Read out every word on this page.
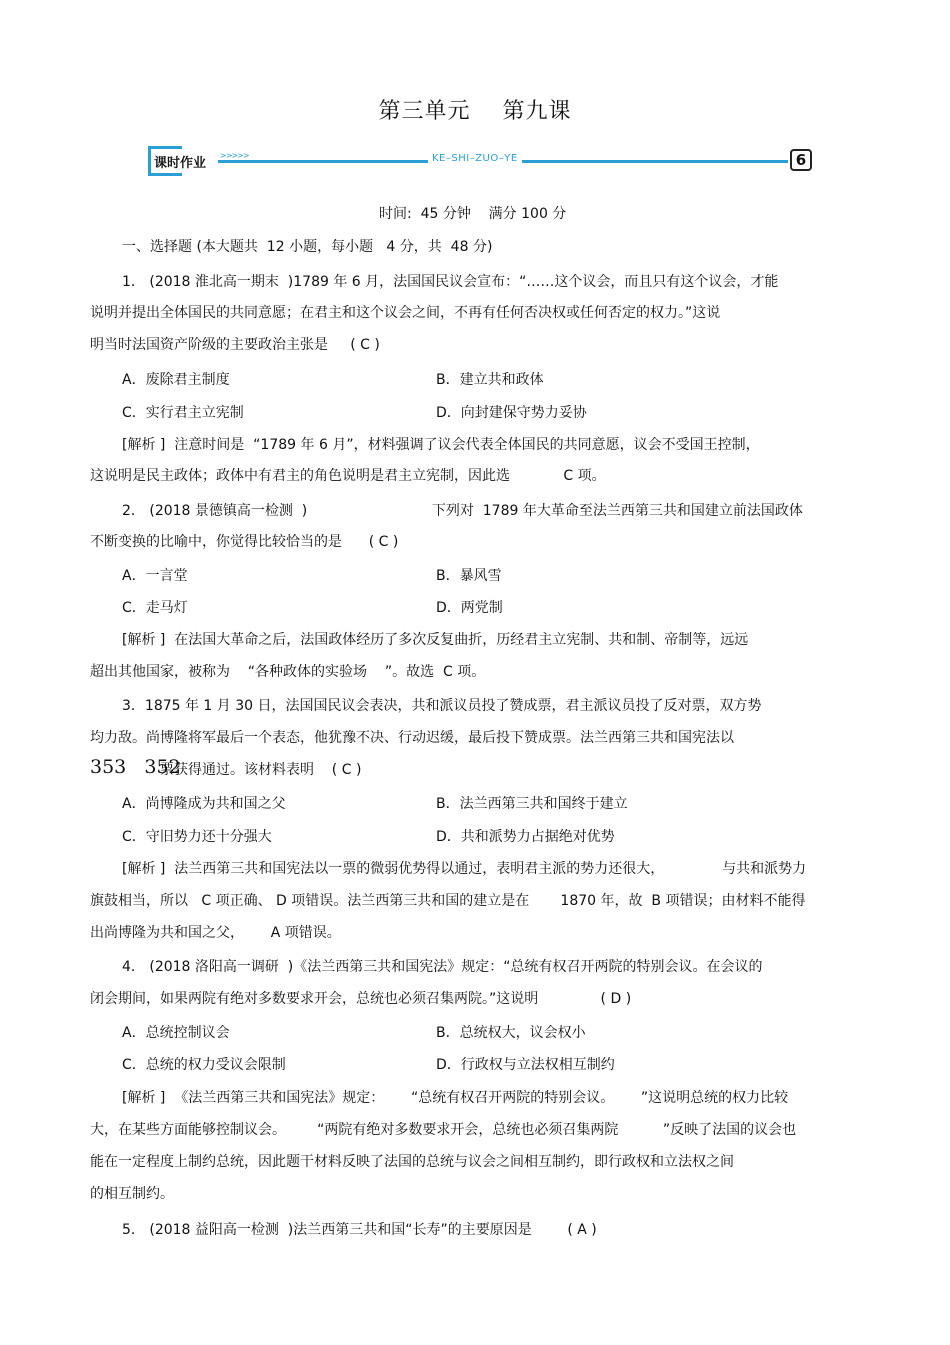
第三单元    第九课
课时作业
>>>>>	KE–SHI–ZUO–YE	6
时间:  45 分钟    满分 100 分
一、选择题 (本大题共  12 小题，每小题   4 分，共  48 分)
1． (2018 淮北高一期末  )1789 年 6 月，法国国民议会宣布：“……这个议会，而且只有这个议会，才能
说明并提出全体国民的共同意愿；在君主和这个议会之间，不再有任何否决权或任何否定的权力。”这说
明当时法国资产阶级的主要政治主张是     ( C )
A．废除君主制度	B．建立共和政体
C．实行君主立宪制	D．向封建保守势力妥协
[解析 ]  注意时间是  “1789 年 6 月”，材料强调了议会代表全体国民的共同意愿，议会不受国王控制，
这说明是民主政体；政体中有君主的角色说明是君主立宪制，因此选            C 项。
2． (2018 景德镇高一检测  )                            下列对  1789 年大革命至法兰西第三共和国建立前法国政体
不断变换的比喻中，你觉得比较恰当的是      ( C )
A．一言堂	B．暴风雪
C．走马灯	D．两党制
[解析 ]  在法国大革命之后，法国政体经历了多次反复曲折，历经君主立宪制、共和制、帝制等，远远
超出其他国家，被称为    “各种政体的实验场    ”。故选  C 项。
3．1875 年 1 月 30 日，法国国民议会表决，共和派议员投了赞成票，君主派议员投了反对票，双方势
均力敌。尚博隆将军最后一个表态，他犹豫不决、行动迟缓，最后投下赞成票。法兰西第三共和国宪法以
353   352
票获得通过。该材料表明    ( C )
A．尚博隆成为共和国之父	B．法兰西第三共和国终于建立
C．守旧势力还十分强大	D．共和派势力占据绝对优势
[解析 ]  法兰西第三共和国宪法以一票的微弱优势得以通过，表明君主派的势力还很大，             与共和派势力
旗鼓相当，所以   C 项正确、 D 项错误。法兰西第三共和国的建立是在       1870 年，故  B 项错误；由材料不能得
出尚博隆为共和国之父，      A 项错误。
4． (2018 洛阳高一调研  )《法兰西第三共和国宪法》规定：“总统有权召开两院的特别会议。在会议的
闭会期间，如果两院有绝对多数要求开会，总统也必须召集两院。”这说明              ( D )
A．总统控制议会	B．总统权大，议会权小
C．总统的权力受议会限制	D．行政权与立法权相互制约
[解析 ]  《法兰西第三共和国宪法》规定：      “总统有权召开两院的特别会议。      ”这说明总统的权力比较
大，在某些方面能够控制议会。       “两院有绝对多数要求开会，总统也必须召集两院          ”反映了法国的议会也
能在一定程度上制约总统，因此题干材料反映了法国的总统与议会之间相互制约，即行政权和立法权之间
的相互制约。
5． (2018 益阳高一检测  )法兰西第三共和国“长寿”的主要原因是        ( A )
